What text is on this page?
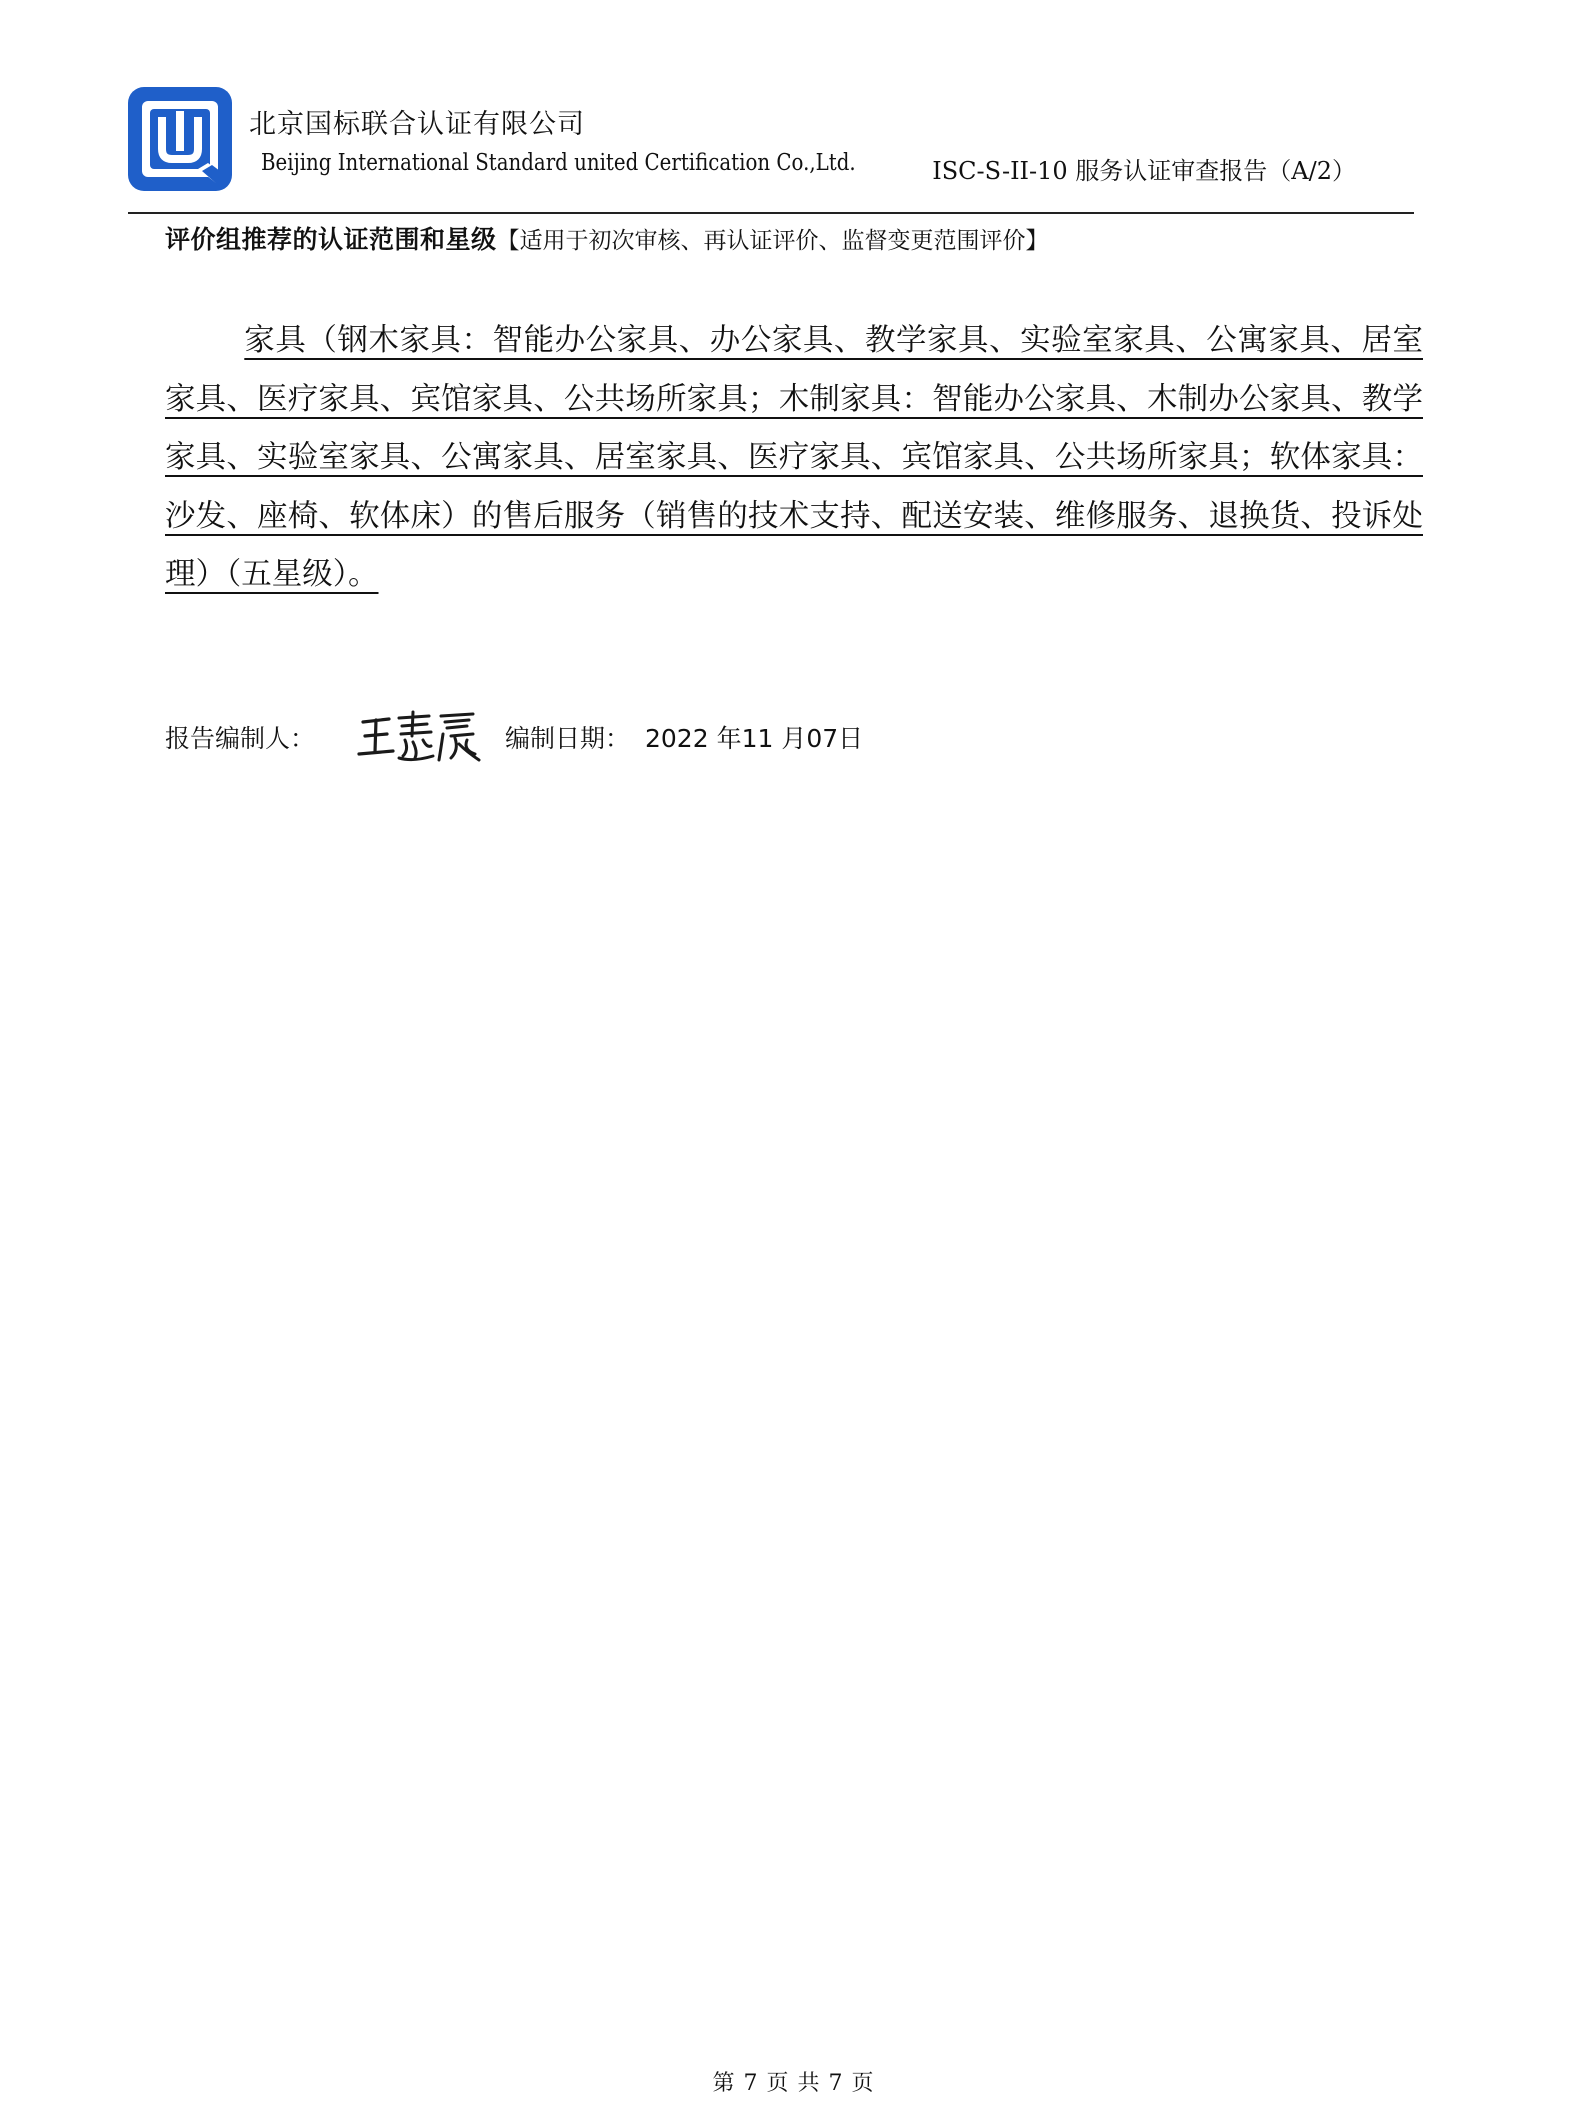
北京国标联合认证有限公司
Beijing International Standard united Certification Co.,Ltd.	ISC-S-II-10 服务认证审查报告（A/2）
评价组推荐的认证范围和星级【适用于初次审核、再认证评价、监督变更范围评价】

家具（钢木家具：智能办公家具、办公家具、教学家具、实验室家具、公寓家具、居室家具、医疗家具、宾馆家具、公共场所家具；木制家具：智能办公家具、木制办公家具、教学家具、实验室家具、公寓家具、居室家具、医疗家具、宾馆家具、公共场所家具；软体家具：沙发、座椅、软体床）的售后服务（销售的技术支持、配送安装、维修服务、退换货、投诉处理）（五星级）。

报告编制人：	编制日期： 2022 年11 月07日
第 7 页 共 7 页
